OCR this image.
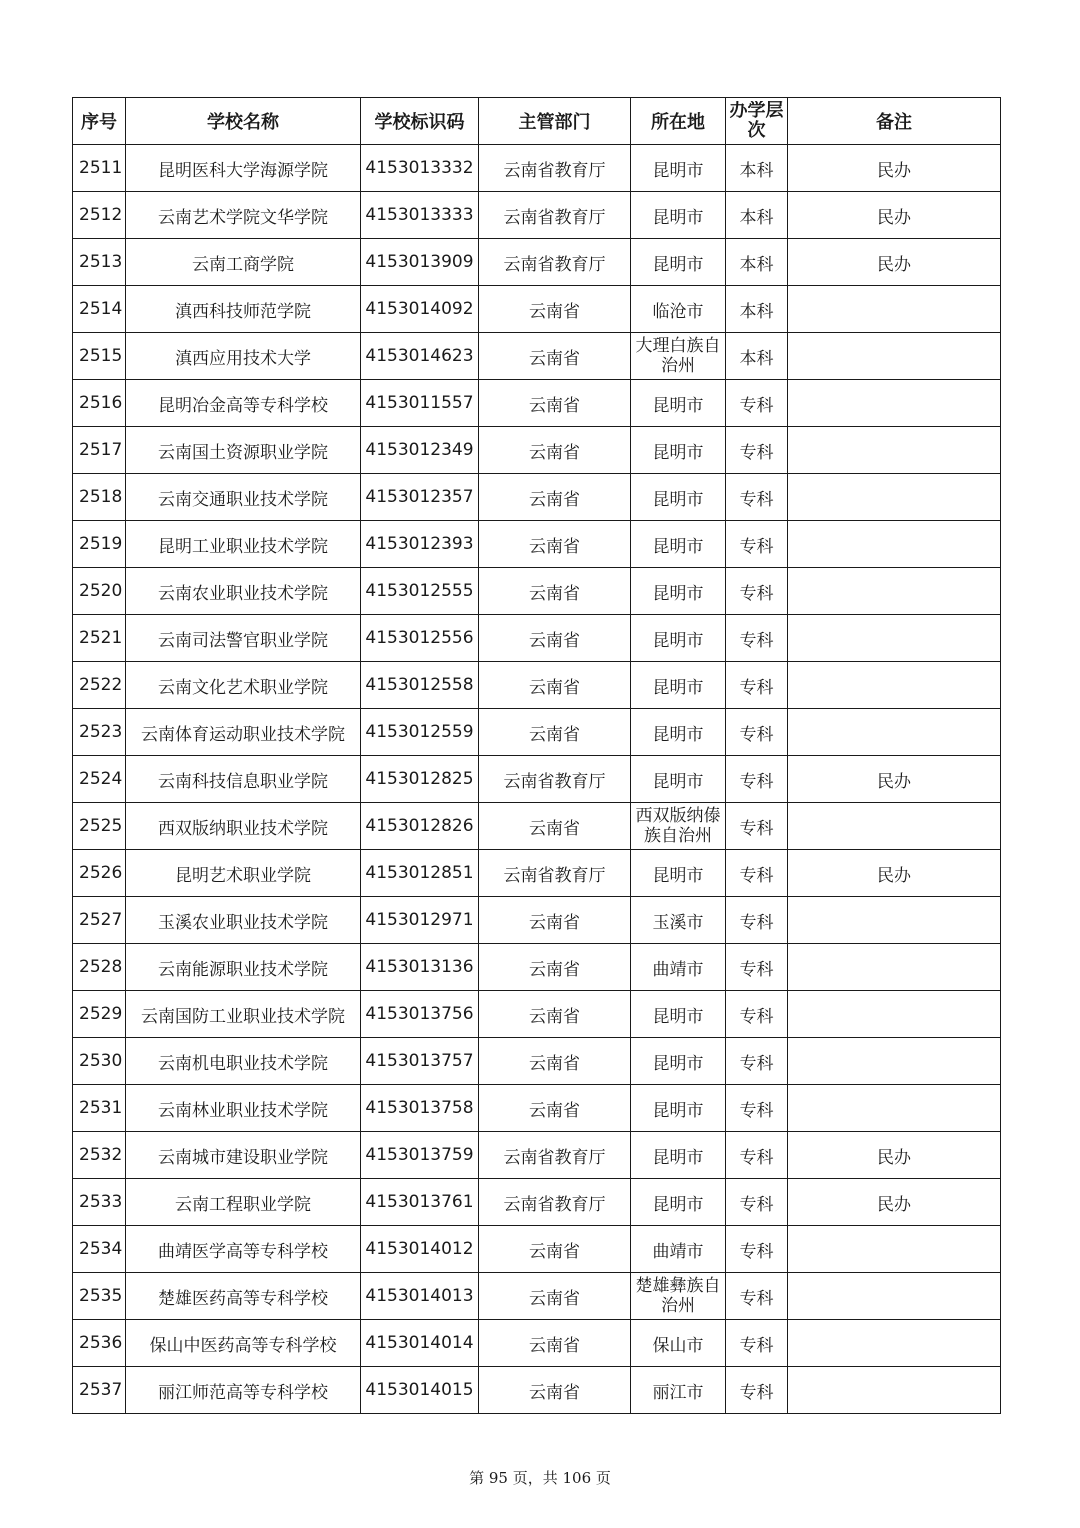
序号	学校名称	学校标识码	主管部门	所在地	办学层次	备注
2511	昆明医科大学海源学院	4153013332	云南省教育厅	昆明市	本科	民办
2512	云南艺术学院文华学院	4153013333	云南省教育厅	昆明市	本科	民办
2513	云南工商学院	4153013909	云南省教育厅	昆明市	本科	民办
2514	滇西科技师范学院	4153014092	云南省	临沧市	本科	
2515	滇西应用技术大学	4153014623	云南省	大理白族自治州	本科	
2516	昆明冶金高等专科学校	4153011557	云南省	昆明市	专科	
2517	云南国土资源职业学院	4153012349	云南省	昆明市	专科	
2518	云南交通职业技术学院	4153012357	云南省	昆明市	专科	
2519	昆明工业职业技术学院	4153012393	云南省	昆明市	专科	
2520	云南农业职业技术学院	4153012555	云南省	昆明市	专科	
2521	云南司法警官职业学院	4153012556	云南省	昆明市	专科	
2522	云南文化艺术职业学院	4153012558	云南省	昆明市	专科	
2523	云南体育运动职业技术学院	4153012559	云南省	昆明市	专科	
2524	云南科技信息职业学院	4153012825	云南省教育厅	昆明市	专科	民办
2525	西双版纳职业技术学院	4153012826	云南省	西双版纳傣族自治州	专科	
2526	昆明艺术职业学院	4153012851	云南省教育厅	昆明市	专科	民办
2527	玉溪农业职业技术学院	4153012971	云南省	玉溪市	专科	
2528	云南能源职业技术学院	4153013136	云南省	曲靖市	专科	
2529	云南国防工业职业技术学院	4153013756	云南省	昆明市	专科	
2530	云南机电职业技术学院	4153013757	云南省	昆明市	专科	
2531	云南林业职业技术学院	4153013758	云南省	昆明市	专科	
2532	云南城市建设职业学院	4153013759	云南省教育厅	昆明市	专科	民办
2533	云南工程职业学院	4153013761	云南省教育厅	昆明市	专科	民办
2534	曲靖医学高等专科学校	4153014012	云南省	曲靖市	专科	
2535	楚雄医药高等专科学校	4153014013	云南省	楚雄彝族自治州	专科	
2536	保山中医药高等专科学校	4153014014	云南省	保山市	专科	
2537	丽江师范高等专科学校	4153014015	云南省	丽江市	专科	
第 95 页，共 106 页
